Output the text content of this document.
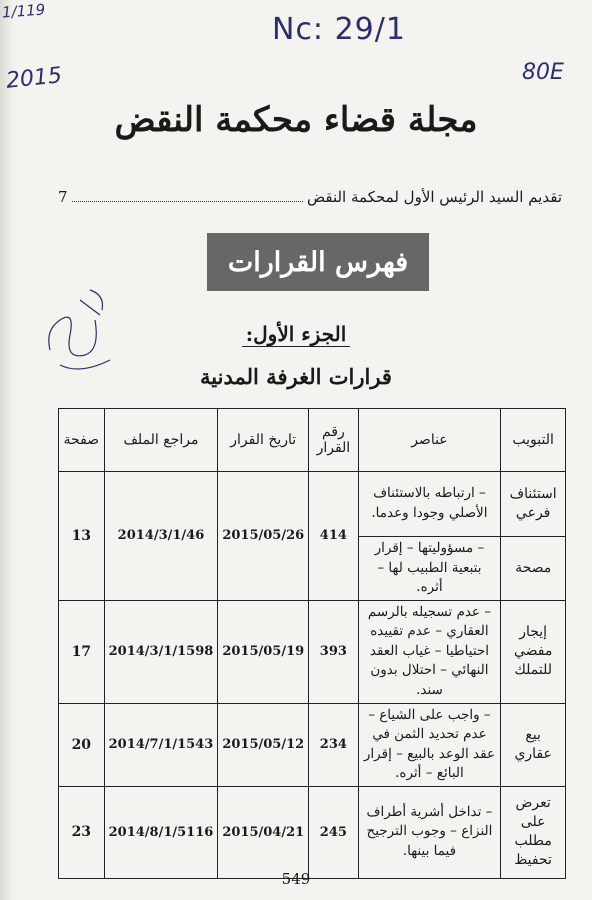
1/119
Nc: 29/1
2015	80E
مجلة قضاء محكمة النقض
تقديم السيد الرئيس الأول لمحكمة النقض
7
فهرس القرارات
الجزء الأول:
قرارات الغرفة المدنية
التبويب	عناصر	رقم القرار	تاريخ القرار	مراجع الملف	صفحة
استئناف فرعي	– ارتباطه بالاستئناف الأصلي وجودا وعدما.	414	2015/05/26	2014/3/1/46	13
مصحة	– مسؤوليتها – إقرار بتبعية الطبيب لها – أثره.				
إيجار مفضي للتملك	– عدم تسجيله بالرسم العقاري – عدم تقييده احتياطيا – غياب العقد النهائي – احتلال بدون سند.	393	2015/05/19	2014/3/1/1598	17
بيع عقاري	– واجب على الشياع – عدم تحديد الثمن في عقد الوعد بالبيع – إقرار البائع – أثره.	234	2015/05/12	2014/7/1/1543	20
تعرض على مطلب تحفيظ	– تداخل أشرية أطراف النزاع – وجوب الترجيح فيما بينها.	245	2015/04/21	2014/8/1/5116	23
549
